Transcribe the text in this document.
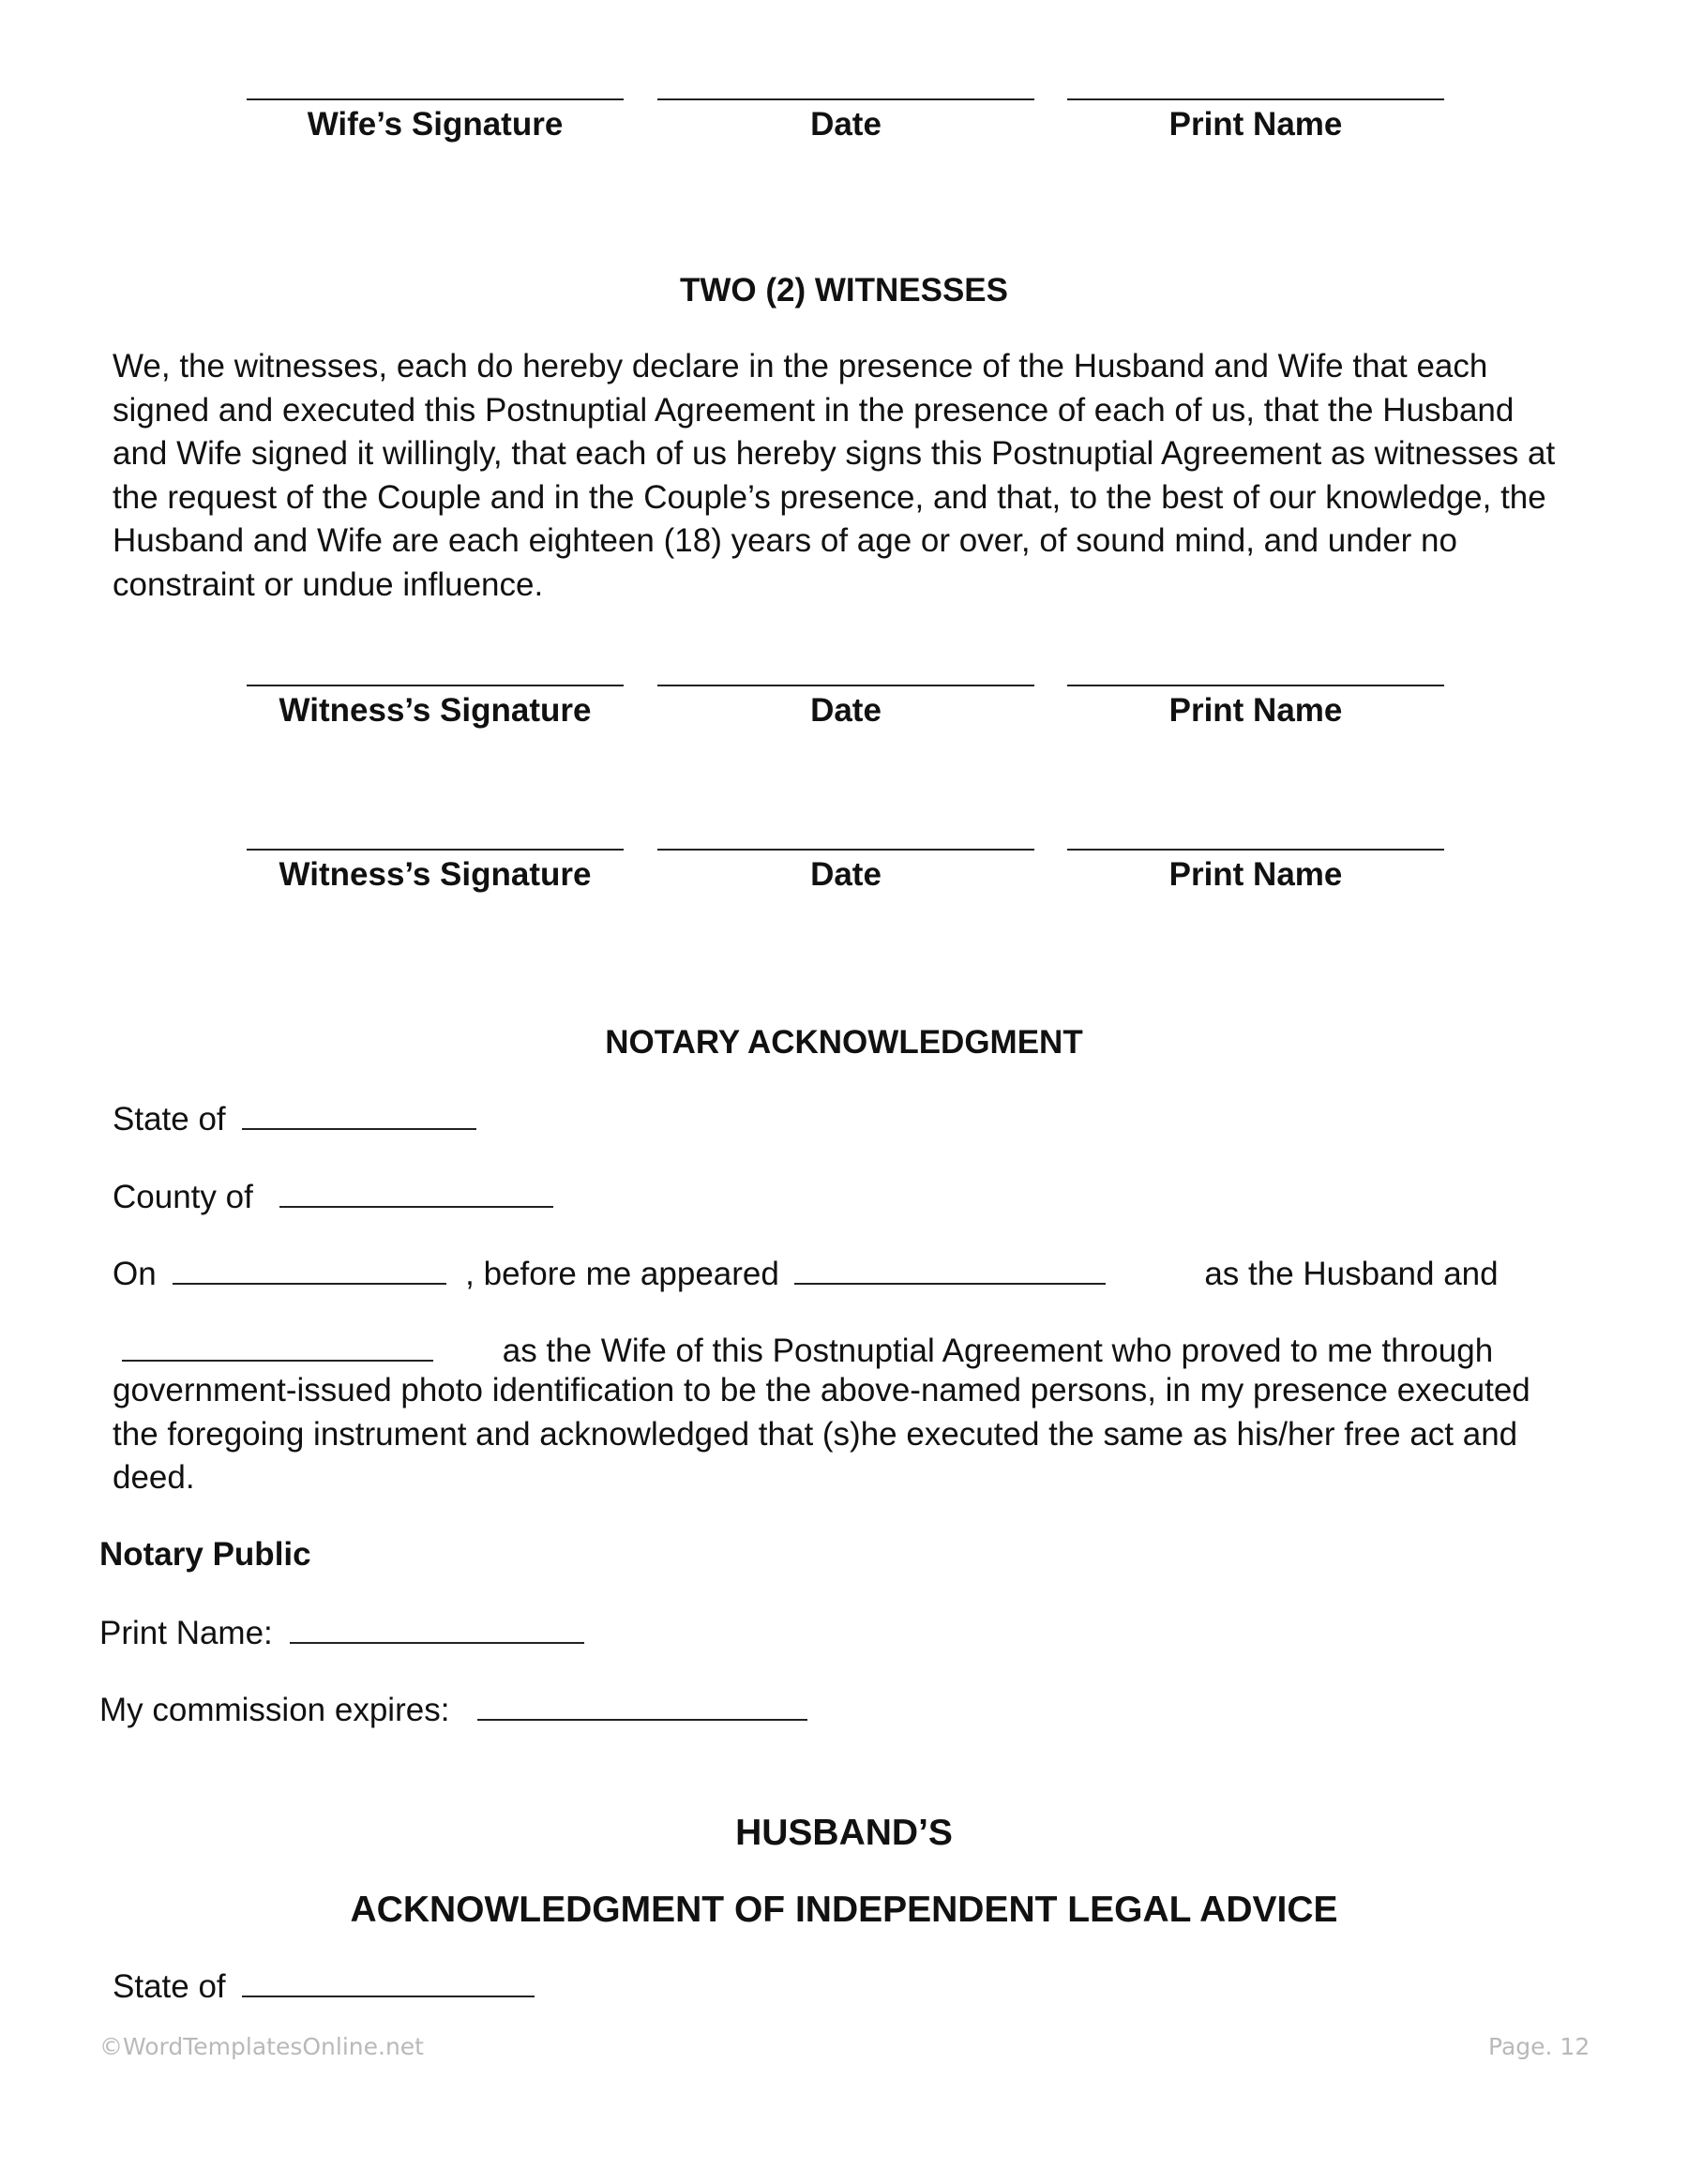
Wife’s Signature	Date	Print Name
TWO (2) WITNESSES
We, the witnesses, each do hereby declare in the presence of the Husband and Wife that each signed and executed this Postnuptial Agreement in the presence of each of us, that the Husband and Wife signed it willingly, that each of us hereby signs this Postnuptial Agreement as witnesses at the request of the Couple and in the Couple’s presence, and that, to the best of our knowledge, the Husband and Wife are each eighteen (18) years of age or over, of sound mind, and under no constraint or undue influence.
Witness’s Signature	Date	Print Name
Witness’s Signature	Date	Print Name
NOTARY ACKNOWLEDGMENT
State of
County of
On	, before me appeared	as the Husband and
as the Wife of this Postnuptial Agreement who proved to me through
government-issued photo identification to be the above-named persons, in my presence executed the foregoing instrument and acknowledged that (s)he executed the same as his/her free act and deed.
Notary Public
Print Name:
My commission expires:
HUSBAND’S
ACKNOWLEDGMENT OF INDEPENDENT LEGAL ADVICE
State of
©WordTemplatesOnline.net	Page. 12
